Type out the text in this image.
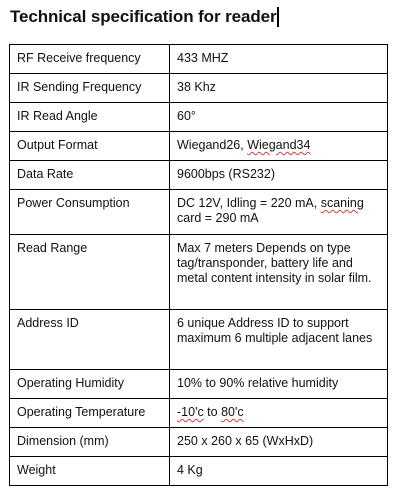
Technical specification for reader
RF Receive frequency	433 MHZ
IR Sending Frequency	38 Khz
IR Read Angle	60°
Output Format	Wiegand26, Wiegand34
Data Rate	9600bps (RS232)
Power Consumption	DC 12V, Idling = 220 mA, scaning card = 290 mA
Read Range	Max 7 meters Depends on type tag/transponder, battery life and metal content intensity in solar film.
Address ID	6 unique Address ID to support maximum 6 multiple adjacent lanes
Operating Humidity	10% to 90% relative humidity
Operating Temperature	-10'c to 80'c
Dimension (mm)	250 x 260 x 65 (WxHxD)
Weight	4 Kg
